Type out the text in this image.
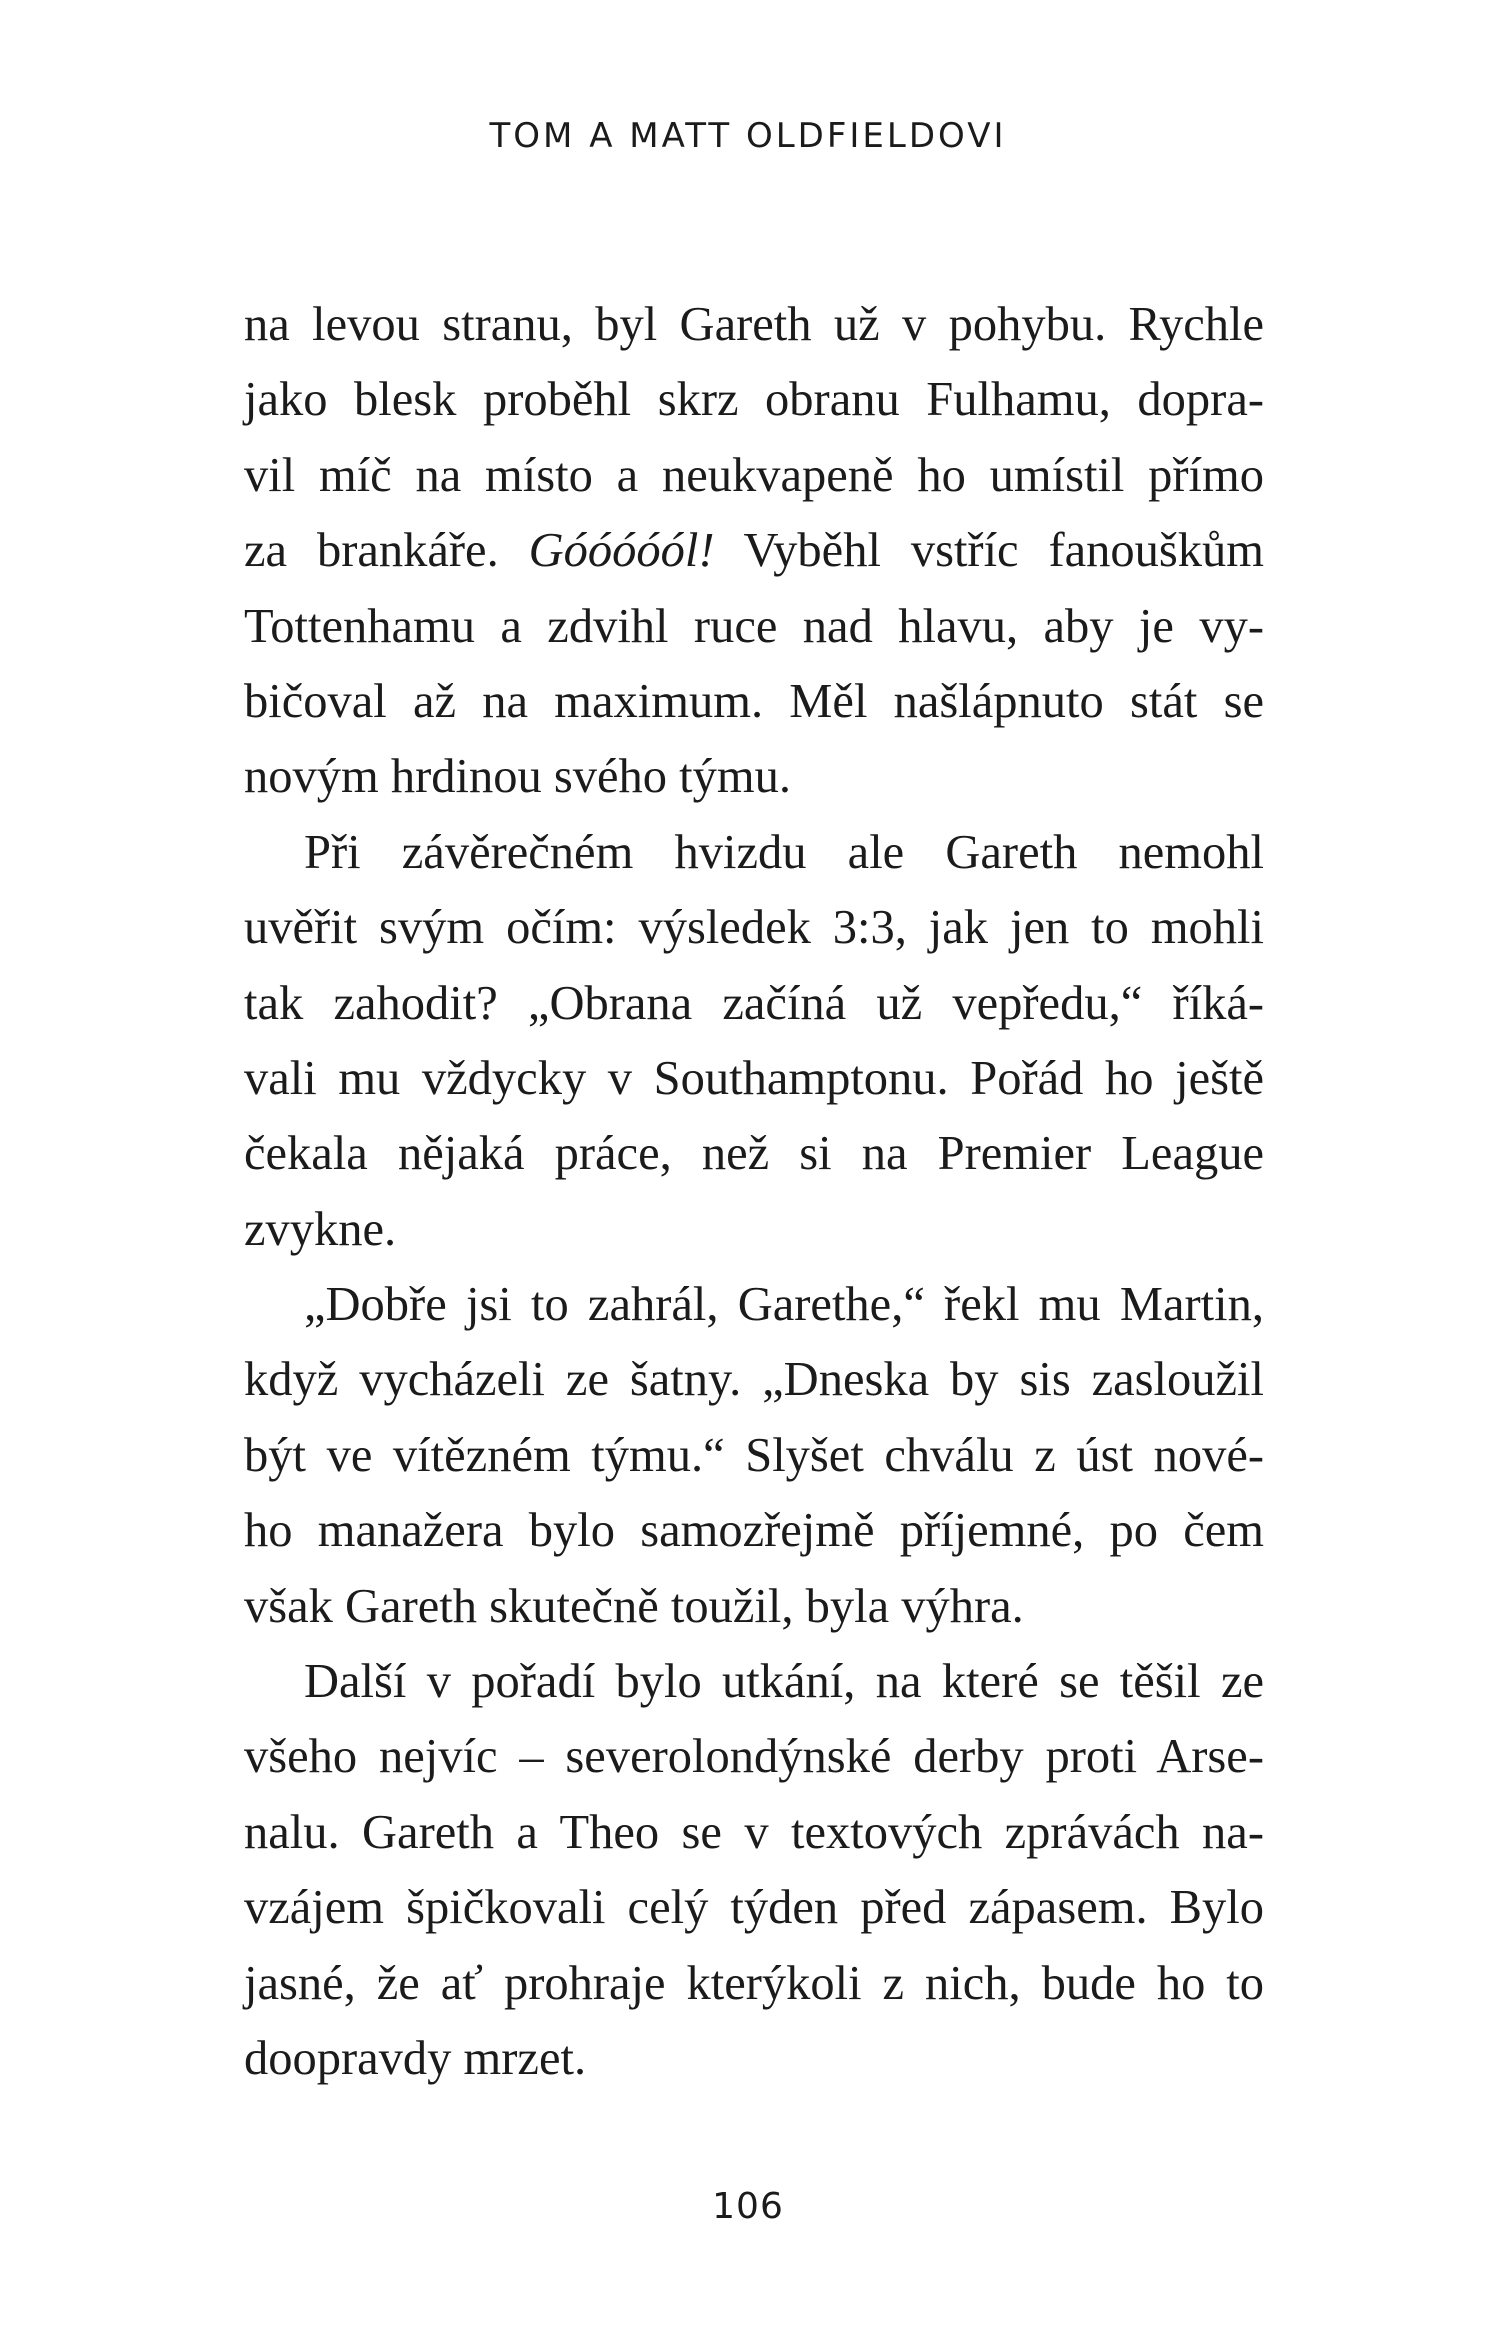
TOM A MATT OLDFIELDOVI
na levou stranu, byl Gareth už v pohybu. Rychle
jako blesk proběhl skrz obranu Fulhamu, dopra-
vil míč na místo a neukvapeně ho umístil přímo
za brankáře. Góóóóól! Vyběhl vstříc fanouškům
Tottenhamu a zdvihl ruce nad hlavu, aby je vy-
bičoval až na maximum. Měl našlápnuto stát se
novým hrdinou svého týmu.
Při závěrečném hvizdu ale Gareth nemohl
uvěřit svým očím: výsledek 3:3, jak jen to mohli
tak zahodit? „Obrana začíná už vepředu,“ říká-
vali mu vždycky v Southamptonu. Pořád ho ještě
čekala nějaká práce, než si na Premier League
zvykne.
„Dobře jsi to zahrál, Garethe,“ řekl mu Martin,
když vycházeli ze šatny. „Dneska by sis zasloužil
být ve vítězném týmu.“ Slyšet chválu z úst nové-
ho manažera bylo samozřejmě příjemné, po čem
však Gareth skutečně toužil, byla výhra.
Další v pořadí bylo utkání, na které se těšil ze
všeho nejvíc – severolondýnské derby proti Arse-
nalu. Gareth a Theo se v textových zprávách na-
vzájem špičkovali celý týden před zápasem. Bylo
jasné, že ať prohraje kterýkoli z nich, bude ho to
doopravdy mrzet.
106
